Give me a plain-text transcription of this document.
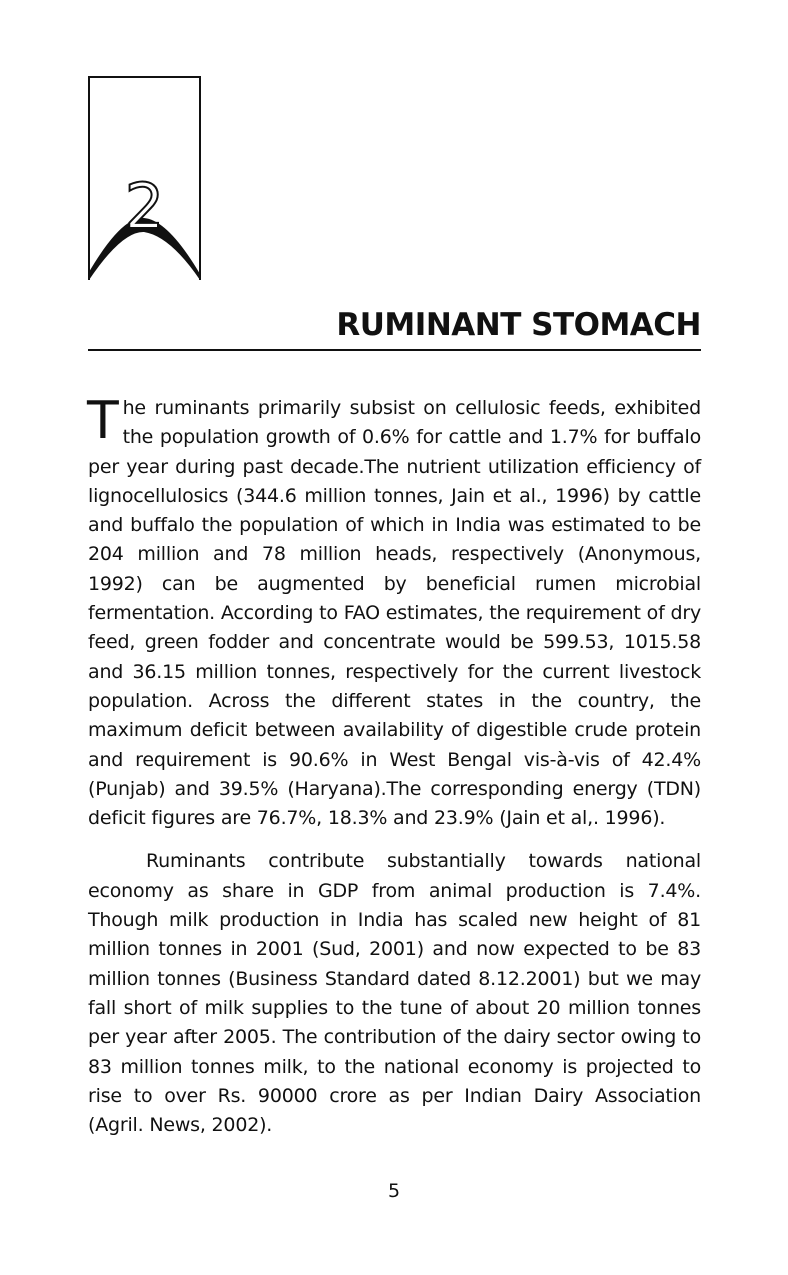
2
RUMINANT STOMACH

The ruminants primarily subsist on cellulosic feeds, exhibited the population growth of 0.6% for cattle and 1.7% for buffalo per year during past decade.The nutrient utilization efficiency of lignocellulosics (344.6 million tonnes, Jain et al., 1996) by cattle and buffalo the population of which in India was estimated to be 204 million and 78 million heads, respectively (Anonymous, 1992) can be augmented by beneficial rumen microbial fermentation. According to FAO estimates, the requirement of dry feed, green fodder and concentrate would be 599.53, 1015.58 and 36.15 million tonnes, respectively for the current livestock population. Across the different states in the country, the maximum deficit between availability of digestible crude protein and requirement is 90.6% in West Bengal vis-à-vis of 42.4% (Punjab) and 39.5% (Haryana).The corresponding energy (TDN) deficit figures are 76.7%, 18.3% and 23.9% (Jain et al,. 1996).

Ruminants contribute substantially towards national economy as share in GDP from animal production is 7.4%. Though milk production in India has scaled new height of 81 million tonnes in 2001 (Sud, 2001) and now expected to be 83 million tonnes (Business Standard dated 8.12.2001) but we may fall short of milk supplies to the tune of about 20 million tonnes per year after 2005. The contribution of the dairy sector owing to 83 million tonnes milk, to the national economy is projected to rise to over Rs. 90000 crore as per Indian Dairy Association (Agril. News, 2002).

5
